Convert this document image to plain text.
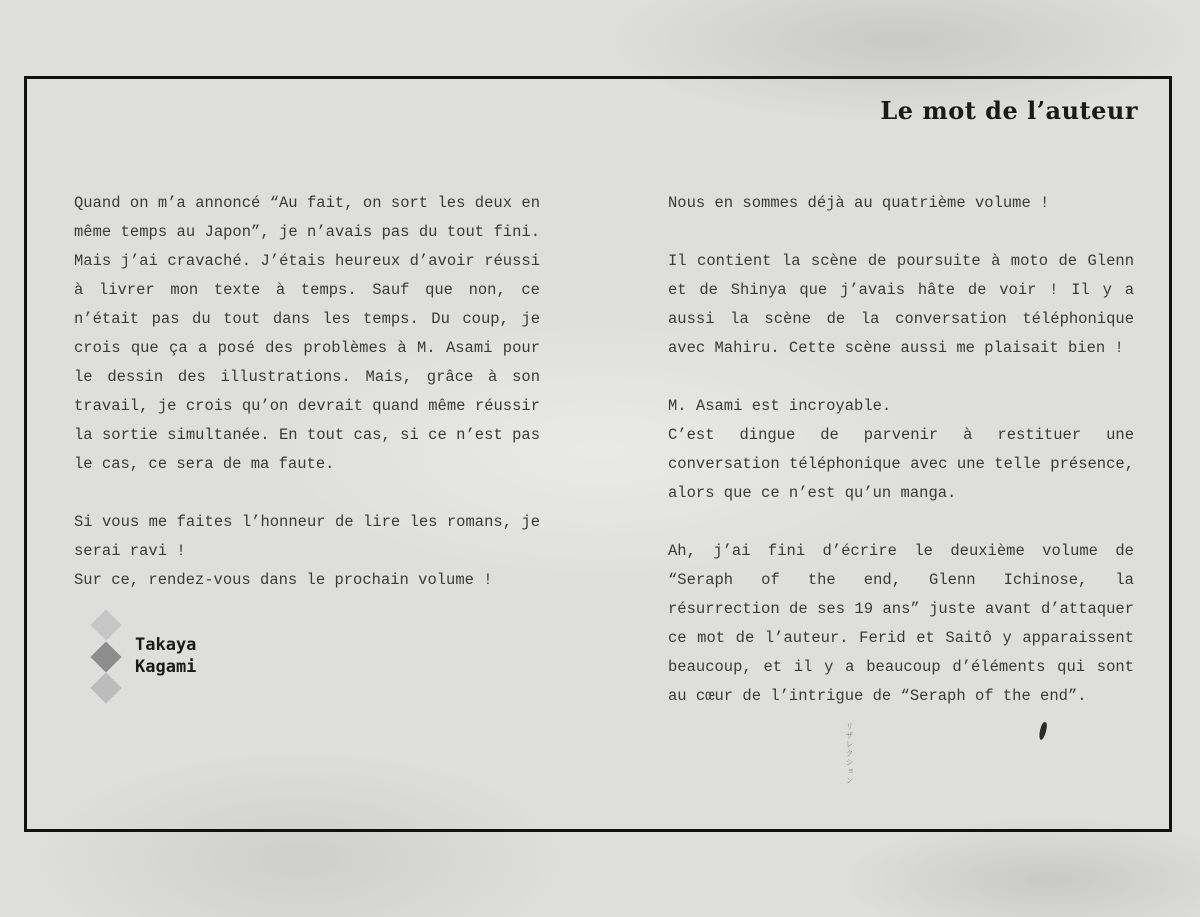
Le mot de l’auteur

Quand on m’a annoncé “Au fait, on sort les deux en même temps au Japon”, je n’avais pas du tout fini. Mais j’ai cravaché. J’étais heureux d’avoir réussi à livrer mon texte à temps. Sauf que non, ce n’était pas du tout dans les temps. Du coup, je crois que ça a posé des problèmes à M. Asami pour le dessin des illustrations. Mais, grâce à son travail, je crois qu’on devrait quand même réussir la sortie simultanée. En tout cas, si ce n’est pas le cas, ce sera de ma faute.

Si vous me faites l’honneur de lire les romans, je serai ravi !

Sur ce, rendez-vous dans le prochain volume !

Nous en sommes déjà au quatrième volume !

Il contient la scène de poursuite à moto de Glenn et de Shinya que j’avais hâte de voir ! Il y a aussi la scène de la conversation téléphonique avec Mahiru. Cette scène aussi me plaisait bien !

M. Asami est incroyable.

C’est dingue de parvenir à restituer une conversation téléphonique avec une telle présence, alors que ce n’est qu’un manga.

Ah, j’ai fini d’écrire le deuxième volume de “Seraph of the end, Glenn Ichinose, la résurrection de ses 19 ans” juste avant d’attaquer ce mot de l’auteur. Ferid et Saitô y apparaissent beaucoup, et il y a beaucoup d’éléments qui sont au cœur de l’intrigue de “Seraph of the end”.

Takaya
Kagami
リザレクション
